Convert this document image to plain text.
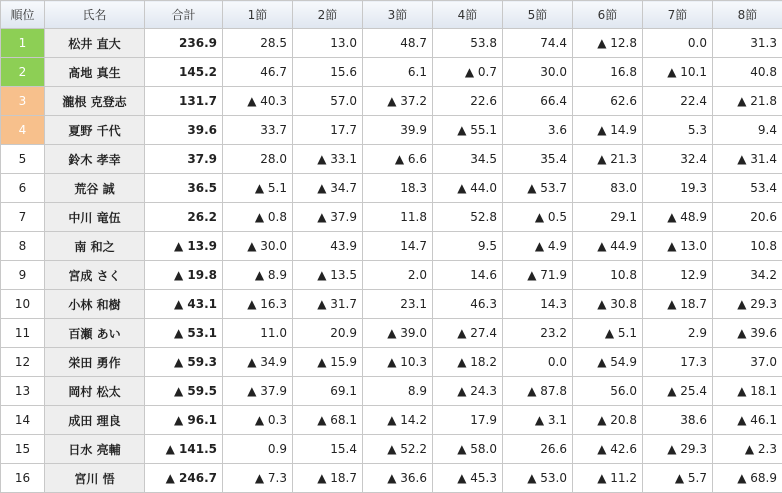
順位	氏名	合計	1節	2節	3節	4節	5節	6節	7節	8節
1	松井 直大	236.9	28.5	13.0	48.7	53.8	74.4	▲ 12.8	0.0	31.3
2	髙地 真生	145.2	46.7	15.6	6.1	▲ 0.7	30.0	16.8	▲ 10.1	40.8
3	瀧根 克登志	131.7	▲ 40.3	57.0	▲ 37.2	22.6	66.4	62.6	22.4	▲ 21.8
4	夏野 千代	39.6	33.7	17.7	39.9	▲ 55.1	3.6	▲ 14.9	5.3	9.4
5	鈴木 孝幸	37.9	28.0	▲ 33.1	▲ 6.6	34.5	35.4	▲ 21.3	32.4	▲ 31.4
6	荒谷 誠	36.5	▲ 5.1	▲ 34.7	18.3	▲ 44.0	▲ 53.7	83.0	19.3	53.4
7	中川 竜伍	26.2	▲ 0.8	▲ 37.9	11.8	52.8	▲ 0.5	29.1	▲ 48.9	20.6
8	南 和之	▲ 13.9	▲ 30.0	43.9	14.7	9.5	▲ 4.9	▲ 44.9	▲ 13.0	10.8
9	宮成 さく	▲ 19.8	▲ 8.9	▲ 13.5	2.0	14.6	▲ 71.9	10.8	12.9	34.2
10	小林 和樹	▲ 43.1	▲ 16.3	▲ 31.7	23.1	46.3	14.3	▲ 30.8	▲ 18.7	▲ 29.3
11	百瀬 あい	▲ 53.1	11.0	20.9	▲ 39.0	▲ 27.4	23.2	▲ 5.1	2.9	▲ 39.6
12	栄田 勇作	▲ 59.3	▲ 34.9	▲ 15.9	▲ 10.3	▲ 18.2	0.0	▲ 54.9	17.3	37.0
13	岡村 松太	▲ 59.5	▲ 37.9	69.1	8.9	▲ 24.3	▲ 87.8	56.0	▲ 25.4	▲ 18.1
14	成田 理良	▲ 96.1	▲ 0.3	▲ 68.1	▲ 14.2	17.9	▲ 3.1	▲ 20.8	38.6	▲ 46.1
15	日水 亮輔	▲ 141.5	0.9	15.4	▲ 52.2	▲ 58.0	26.6	▲ 42.6	▲ 29.3	▲ 2.3
16	宮川 悟	▲ 246.7	▲ 7.3	▲ 18.7	▲ 36.6	▲ 45.3	▲ 53.0	▲ 11.2	▲ 5.7	▲ 68.9
